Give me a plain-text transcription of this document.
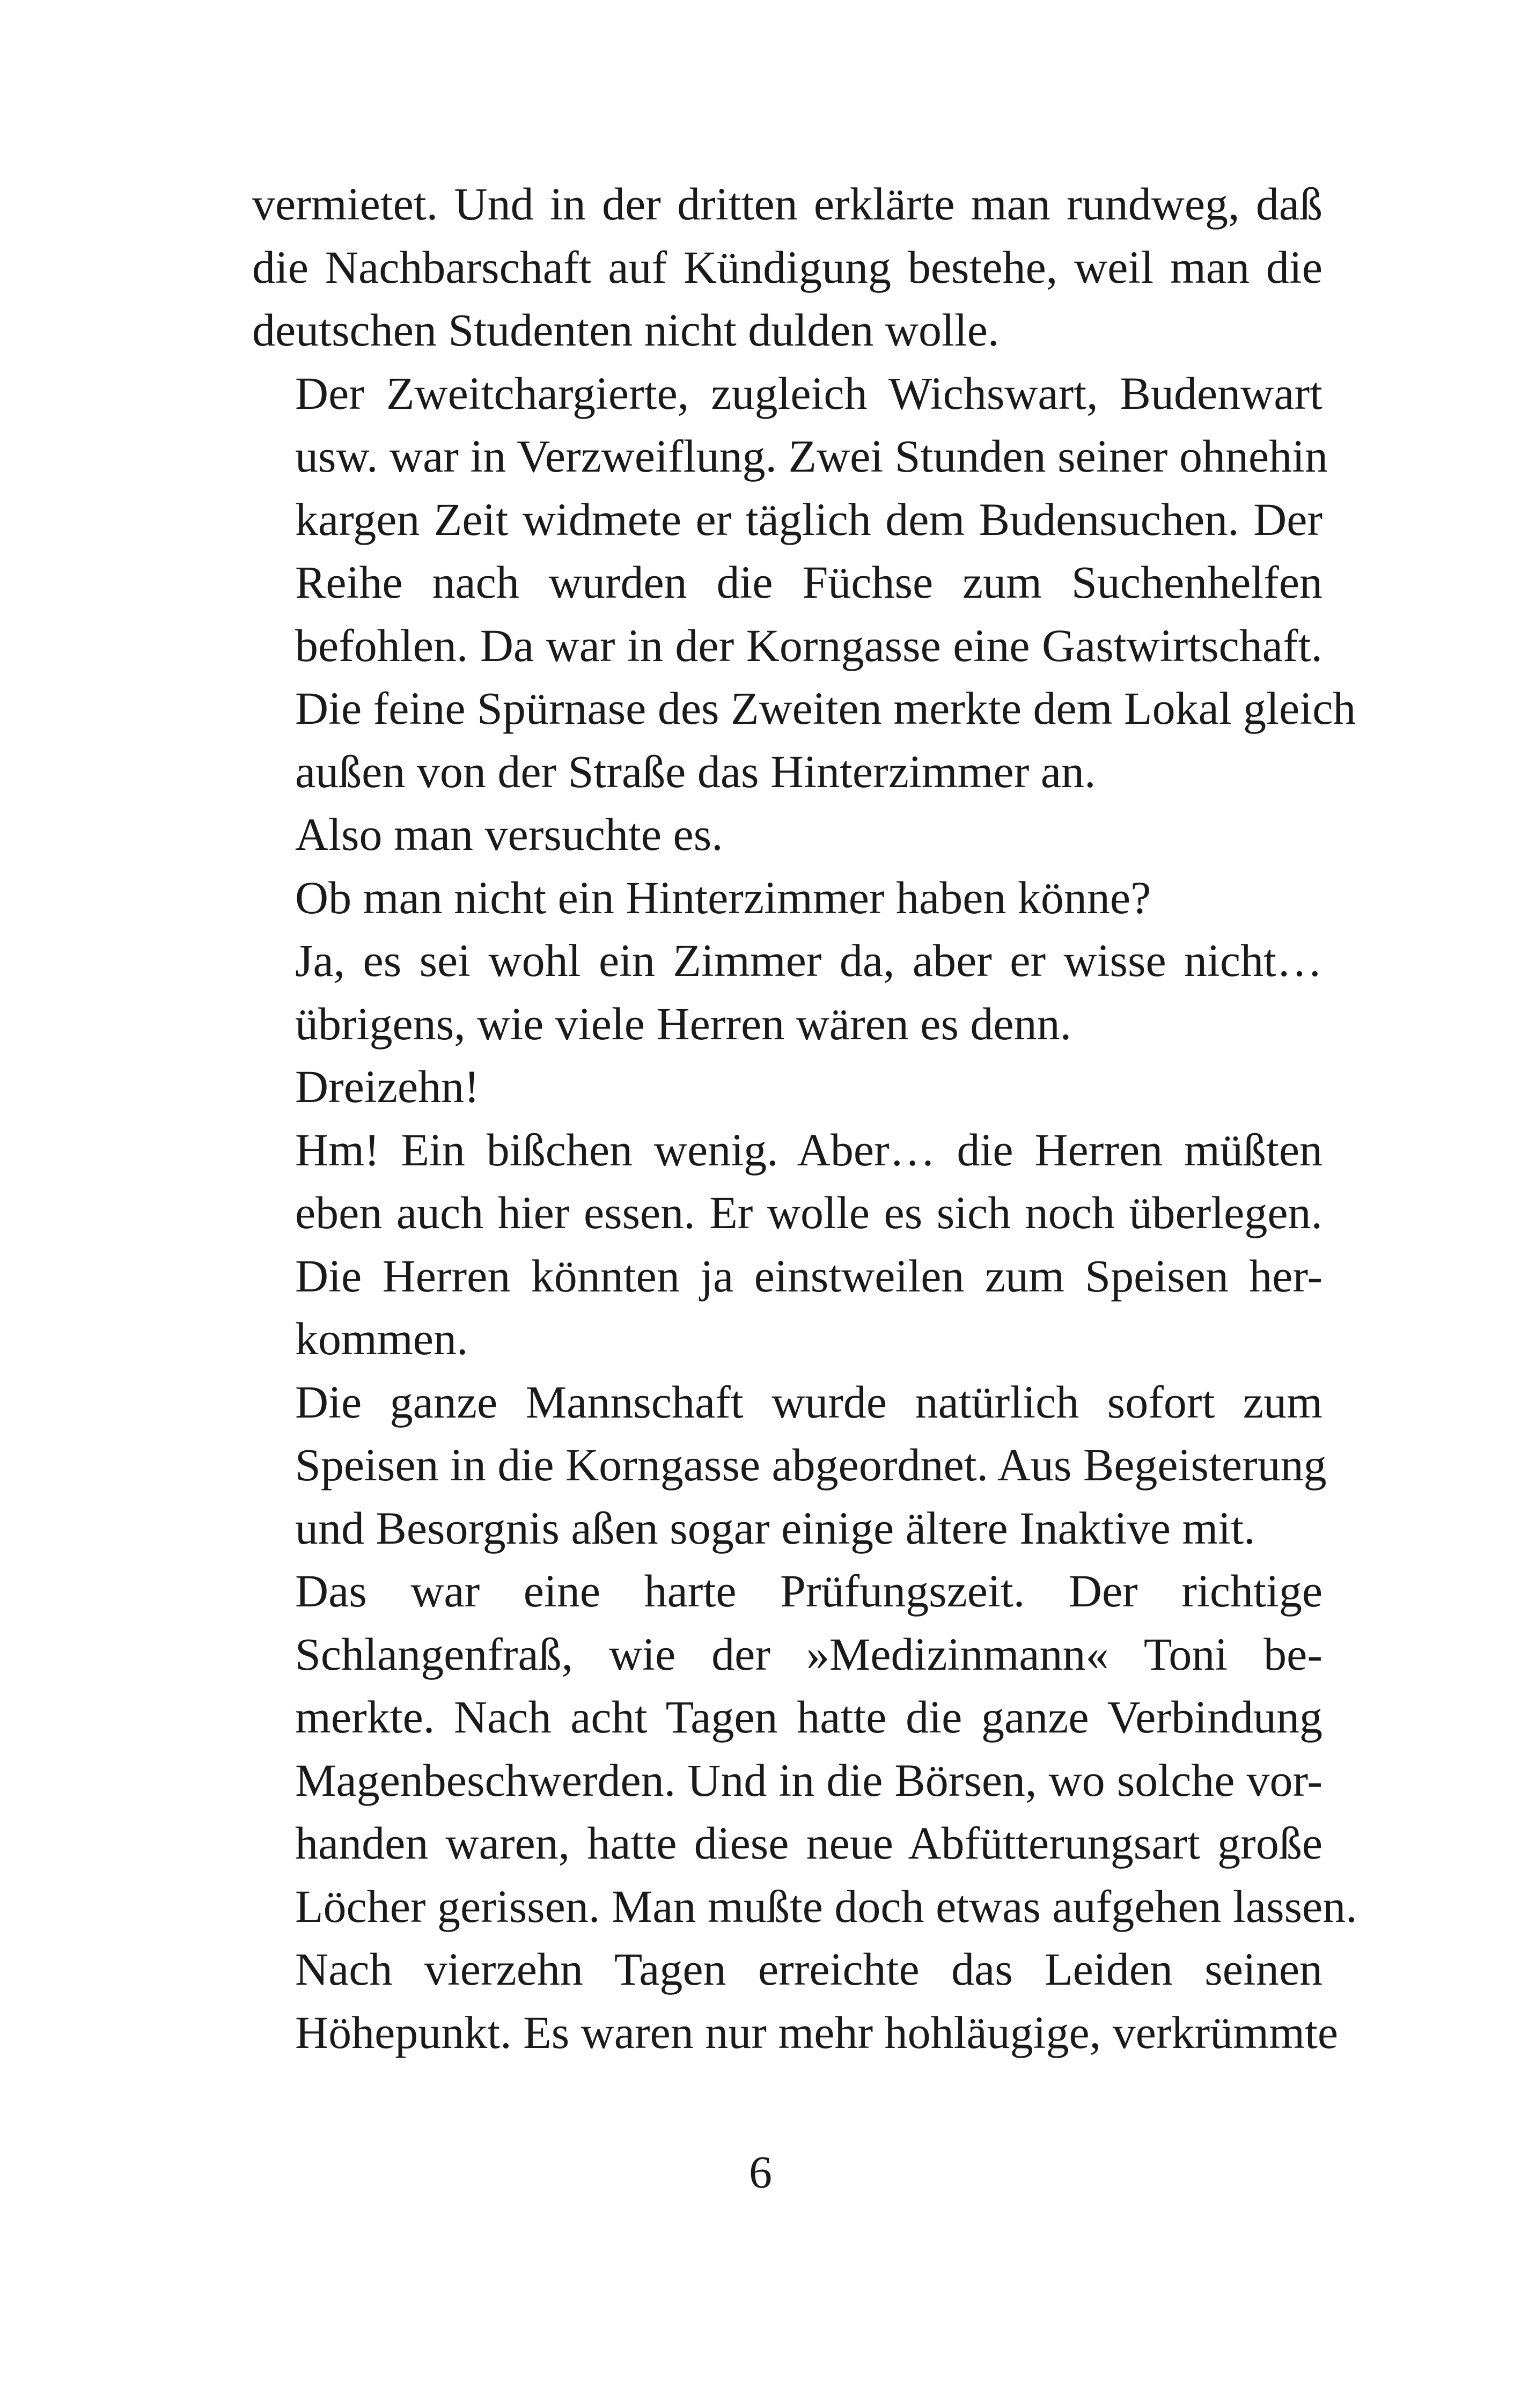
vermietet. Und in der dritten erklärte man rundweg, daß
die Nachbarschaft auf Kündigung bestehe, weil man die
deutschen Studenten nicht dulden wolle.
Der Zweitchargierte, zugleich Wichswart, Budenwart
usw. war in Verzweiflung. Zwei Stunden seiner ohnehin
kargen Zeit widmete er täglich dem Budensuchen. Der
Reihe nach wurden die Füchse zum Suchenhelfen
befohlen. Da war in der Korngasse eine Gastwirtschaft.
Die feine Spürnase des Zweiten merkte dem Lokal gleich
außen von der Straße das Hinterzimmer an.
Also man versuchte es.
Ob man nicht ein Hinterzimmer haben könne?
Ja, es sei wohl ein Zimmer da, aber er wisse nicht…
übrigens, wie viele Herren wären es denn.
Dreizehn!
Hm! Ein bißchen wenig. Aber… die Herren müßten
eben auch hier essen. Er wolle es sich noch überlegen.
Die Herren könnten ja einstweilen zum Speisen her-
kommen.
Die ganze Mannschaft wurde natürlich sofort zum
Speisen in die Korngasse abgeordnet. Aus Begeisterung
und Besorgnis aßen sogar einige ältere Inaktive mit.
Das war eine harte Prüfungszeit. Der richtige
Schlangenfraß, wie der »Medizinmann« Toni be-
merkte. Nach acht Tagen hatte die ganze Verbindung
Magenbeschwerden. Und in die Börsen, wo solche vor-
handen waren, hatte diese neue Abfütterungsart große
Löcher gerissen. Man mußte doch etwas aufgehen lassen.
Nach vierzehn Tagen erreichte das Leiden seinen
Höhepunkt. Es waren nur mehr hohläugige, verkrümmte
6
